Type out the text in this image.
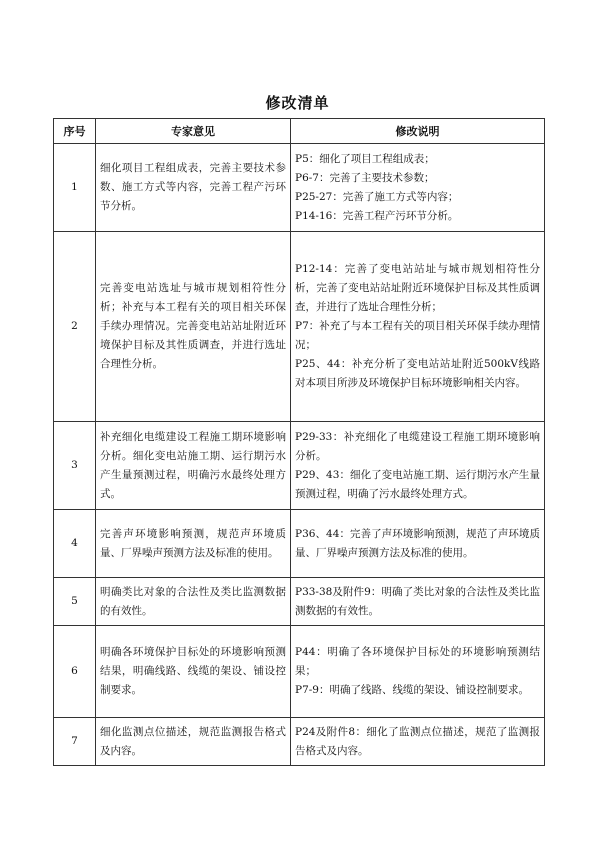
修改清单
序号	专家意见	修改说明
1	细化项目工程组成表，完善主要技术参数、施工方式等内容，完善工程产污环节分析。	P5：细化了项目工程组成表；
P6-7：完善了主要技术参数；
P25-27：完善了施工方式等内容；
P14-16：完善工程产污环节分析。

2	完善变电站选址与城市规划相符性分析；补充与本工程有关的项目相关环保手续办理情况。完善变电站站址附近环境保护目标及其性质调查，并进行选址合理性分析。	P12-14：完善了变电站站址与城市规划相符性分析，完善了变电站站址附近环境保护目标及其性质调查，并进行了选址合理性分析；
P7：补充了与本工程有关的项目相关环保手续办理情况；
P25、44：补充分析了变电站站址附近500kV线路对本项目所涉及环境保护目标环境影响相关内容。

3	补充细化电缆建设工程施工期环境影响分析。细化变电站施工期、运行期污水产生量预测过程，明确污水最终处理方式。	P29-33：补充细化了电缆建设工程施工期环境影响分析。
P29、43：细化了变电站施工期、运行期污水产生量预测过程，明确了污水最终处理方式。

4	完善声环境影响预测，规范声环境质量、厂界噪声预测方法及标准的使用。	P36、44：完善了声环境影响预测，规范了声环境质量、厂界噪声预测方法及标准的使用。

5	明确类比对象的合法性及类比监测数据的有效性。	P33-38及附件9：明确了类比对象的合法性及类比监测数据的有效性。

6	明确各环境保护目标处的环境影响预测结果，明确线路、线缆的架设、铺设控制要求。	P44：明确了各环境保护目标处的环境影响预测结果；
P7-9：明确了线路、线缆的架设、铺设控制要求。

7	细化监测点位描述，规范监测报告格式及内容。	P24及附件8：细化了监测点位描述，规范了监测报告格式及内容。
